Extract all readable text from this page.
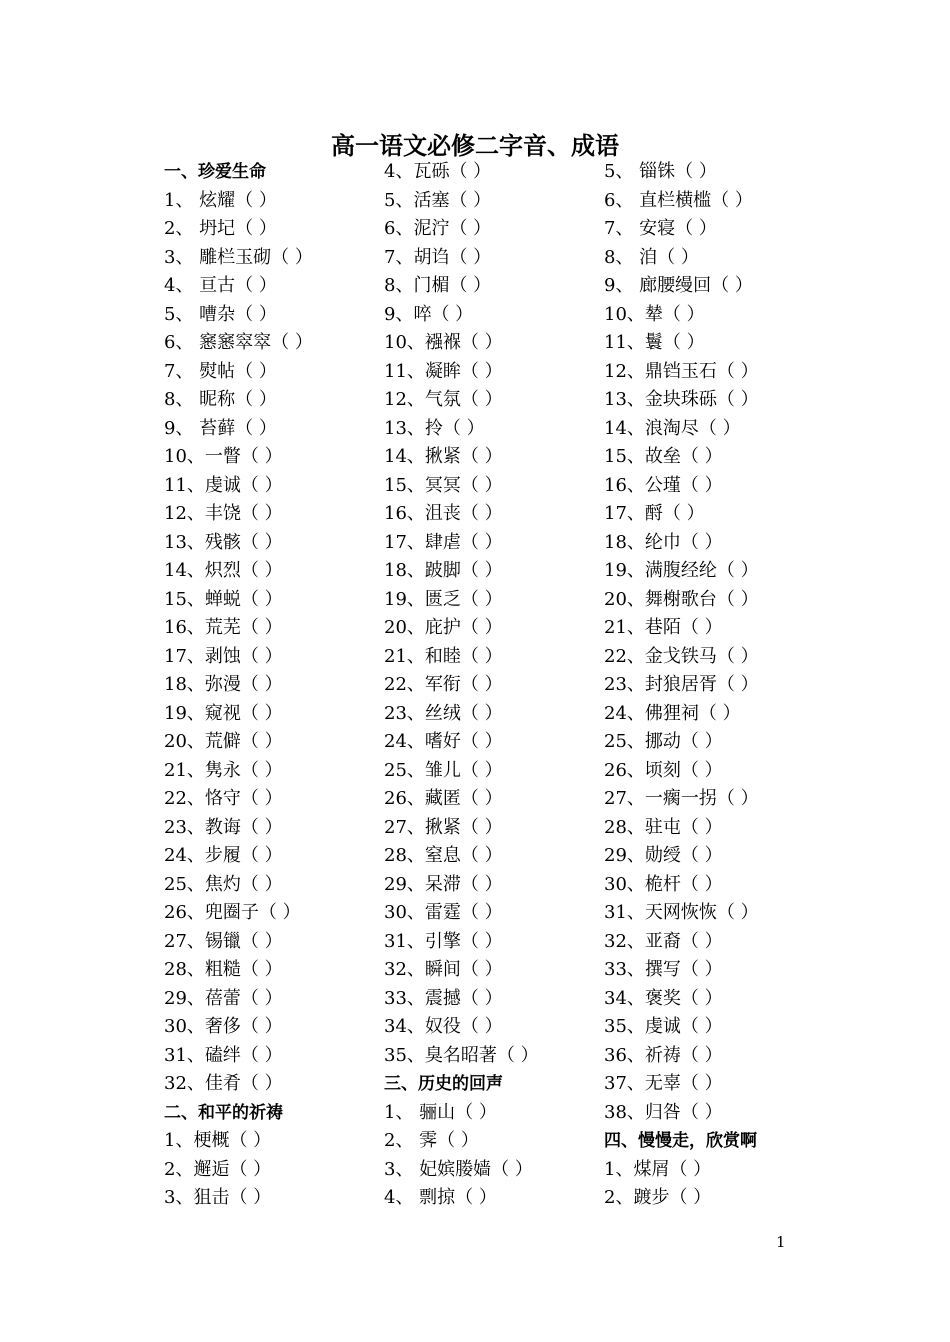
高一语文必修二字音、成语
一、珍爱生命
1、 炫耀（ ）
2、 坍圮（ ）
3、 雕栏玉砌（ ）
4、 亘古（ ）
5、 嘈杂（ ）
6、 窸窸窣窣（ ）
7、 熨帖（ ）
8、 昵称（ ）
9、 苔藓（ ）
10、一瞥（ ）
11、虔诚（ ）
12、丰饶（ ）
13、残骸（ ）
14、炽烈（ ）
15、蝉蜕（ ）
16、荒芜（ ）
17、剥蚀（ ）
18、弥漫（ ）
19、窥视（ ）
20、荒僻（ ）
21、隽永（ ）
22、恪守（ ）
23、教诲（ ）
24、步履（ ）
25、焦灼（ ）
26、兜圈子（ ）
27、锡镴（ ）
28、粗糙（ ）
29、蓓蕾（ ）
30、奢侈（ ）
31、磕绊（ ）
32、佳肴（ ）
二、和平的祈祷
1、梗概（ ）
2、邂逅（ ）
3、狙击（ ）
4、瓦砾（ ）
5、活塞（ ）
6、泥泞（ ）
7、胡诌（ ）
8、门楣（ ）
9、啐（ ）
10、襁褓（ ）
11、凝眸（ ）
12、气氛（ ）
13、拎（ ）
14、揪紧（ ）
15、冥冥（ ）
16、沮丧（ ）
17、肆虐（ ）
18、跛脚（ ）
19、匮乏（ ）
20、庇护（ ）
21、和睦（ ）
22、军衔（ ）
23、丝绒（ ）
24、嗜好（ ）
25、雏儿（ ）
26、藏匿（ ）
27、揪紧（ ）
28、窒息（ ）
29、呆滞（ ）
30、雷霆（ ）
31、引擎（ ）
32、瞬间（ ）
33、震撼（ ）
34、奴役（ ）
35、臭名昭著（ ）
三、历史的回声
1、 骊山（ ）
2、 霁（ ）
3、 妃嫔媵嫱（ ）
4、 剽掠（ ）
5、 锱铢（ ）
6、 直栏横槛（ ）
7、 安寝（ ）
8、 洎（ ）
9、 廊腰缦回（ ）
10、辇（ ）
11、鬟（ ）
12、鼎铛玉石（ ）
13、金块珠砾（ ）
14、浪淘尽（ ）
15、故垒（ ）
16、公瑾（ ）
17、酹（ ）
18、纶巾（ ）
19、满腹经纶（ ）
20、舞榭歌台（ ）
21、巷陌（ ）
22、金戈铁马（ ）
23、封狼居胥（ ）
24、佛狸祠（ ）
25、挪动（ ）
26、顷刻（ ）
27、一瘸一拐（ ）
28、驻屯（ ）
29、勋绶（ ）
30、桅杆（ ）
31、天网恢恢（ ）
32、亚裔（ ）
33、撰写（ ）
34、褒奖（ ）
35、虔诚（ ）
36、祈祷（ ）
37、无辜（ ）
38、归咎（ ）
四、慢慢走，欣赏啊
1、煤屑（ ）
2、踱步（ ）
1
